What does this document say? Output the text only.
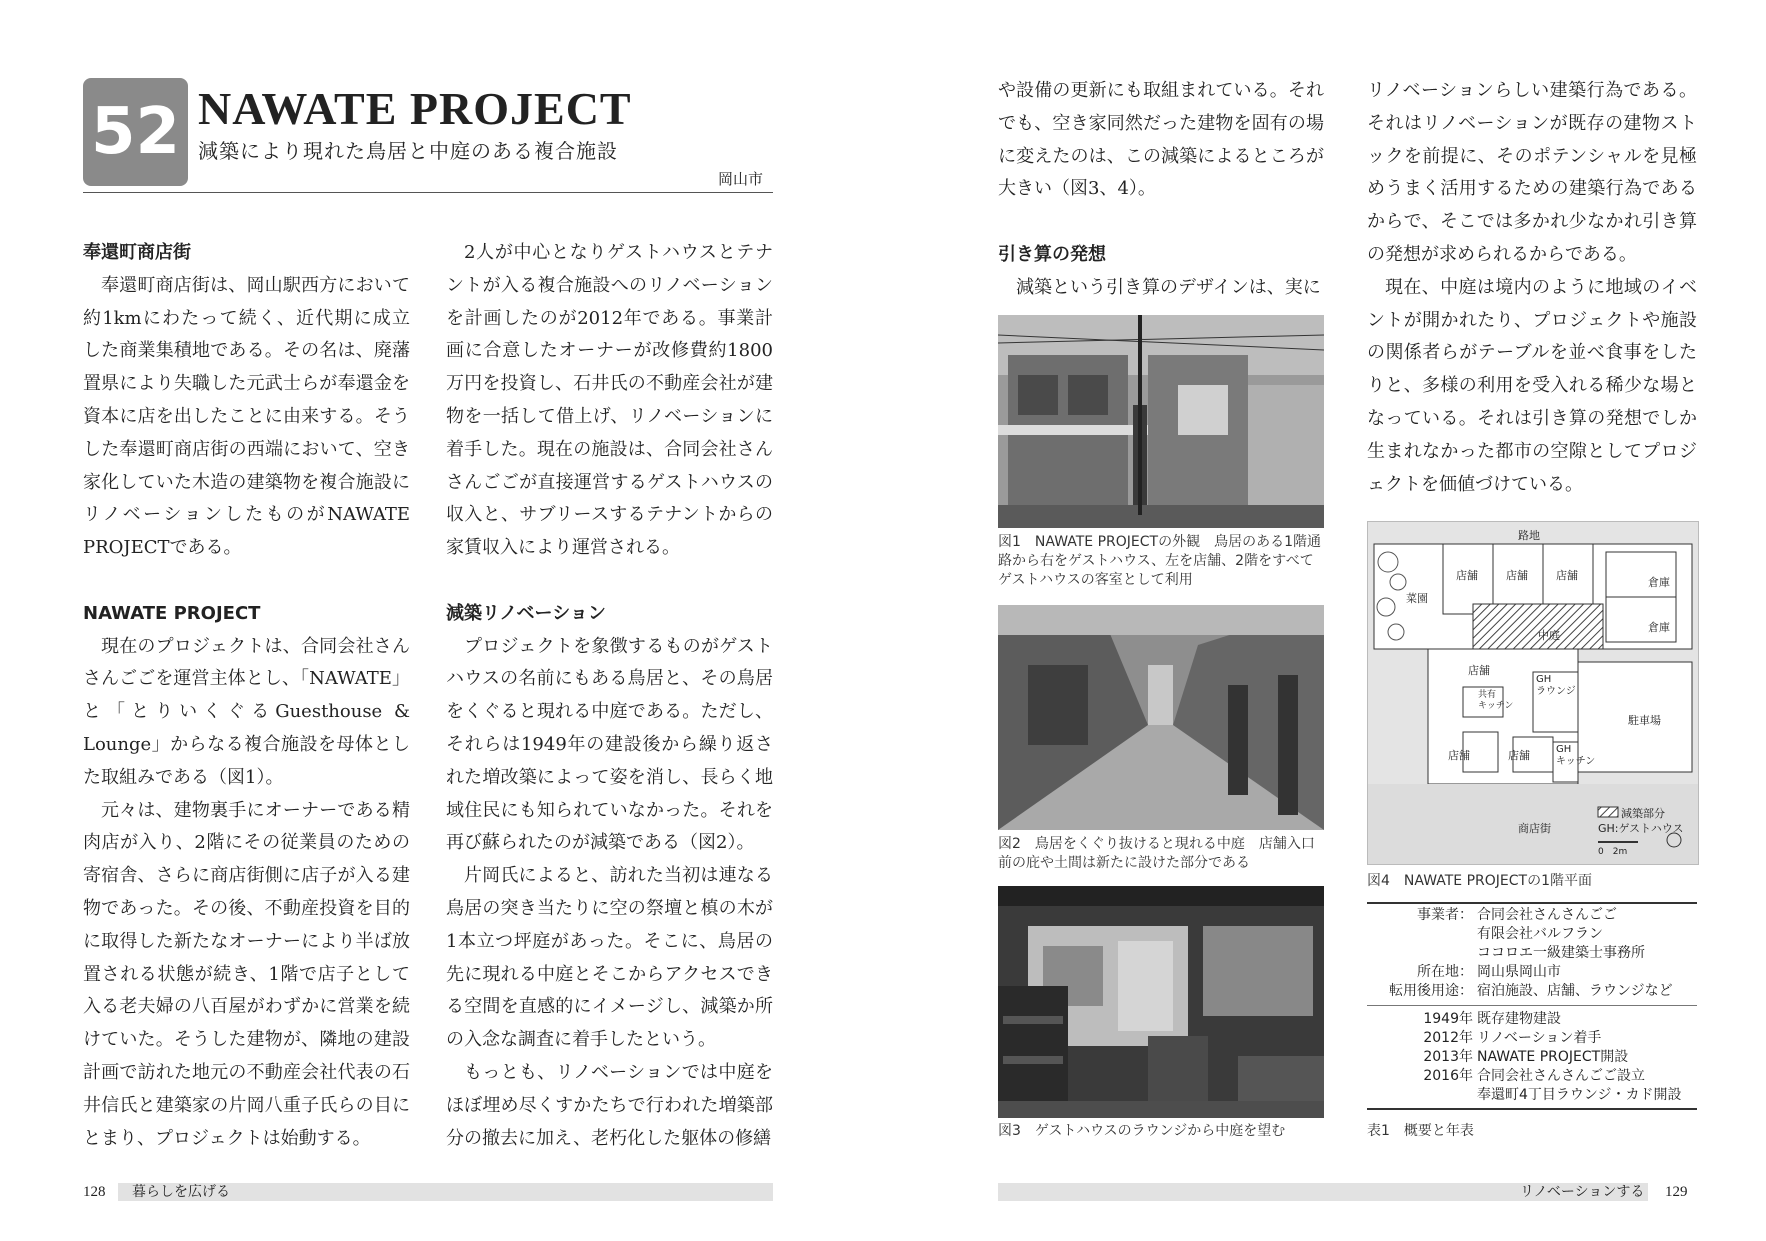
52 NAWATE PROJECT
減築により現れた鳥居と中庭のある複合施設
岡山市
奉還町商店街

奉還町商店街は、岡山駅西方において約1kmにわたって続く、近代期に成立した商業集積地である。その名は、廃藩置県により失職した元武士らが奉還金を資本に店を出したことに由来する。そうした奉還町商店街の西端において、空き家化していた木造の建築物を複合施設にリノベーションしたものがNAWATE PROJECTである。

NAWATE PROJECT

現在のプロジェクトは、合同会社さんさんごごを運営主体とし、「NAWATE」と「とりいくぐるGuesthouse & Lounge」からなる複合施設を母体とした取組みである（図1）。

元々は、建物裏手にオーナーである精肉店が入り、2階にその従業員のための寄宿舎、さらに商店街側に店子が入る建物であった。その後、不動産投資を目的に取得した新たなオーナーにより半ば放置される状態が続き、1階で店子として入る老夫婦の八百屋がわずかに営業を続けていた。そうした建物が、隣地の建設計画で訪れた地元の不動産会社代表の石井信氏と建築家の片岡八重子氏らの目にとまり、プロジェクトは始動する。

2人が中心となりゲストハウスとテナントが入る複合施設へのリノベーションを計画したのが2012年である。事業計画に合意したオーナーが改修費約1800万円を投資し、石井氏の不動産会社が建物を一括して借上げ、リノベーションに着手した。現在の施設は、合同会社さんさんごごが直接運営するゲストハウスの収入と、サブリースするテナントからの家賃収入により運営される。

減築リノベーション

プロジェクトを象徴するものがゲストハウスの名前にもある鳥居と、その鳥居をくぐると現れる中庭である。ただし、それらは1949年の建設後から繰り返された増改築によって姿を消し、長らく地域住民にも知られていなかった。それを再び蘇られたのが減築である（図2）。

片岡氏によると、訪れた当初は連なる鳥居の突き当たりに空の祭壇と槙の木が1本立つ坪庭があった。そこに、鳥居の先に現れる中庭とそこからアクセスできる空間を直感的にイメージし、減築か所の入念な調査に着手したという。

もっとも、リノベーションでは中庭をほぼ埋め尽くすかたちで行われた増築部分の撤去に加え、老朽化した躯体の修繕

や設備の更新にも取組まれている。それでも、空き家同然だった建物を固有の場に変えたのは、この減築によるところが大きい（図3、4）。

引き算の発想

減築という引き算のデザインは、実に

図1　NAWATE PROJECTの外観　鳥居のある1階通路から右をゲストハウス、左を店舗、2階をすべてゲストハウスの客室として利用
図2　鳥居をくぐり抜けると現れる中庭　店舗入口前の庇や土間は新たに設けた部分である
図3　ゲストハウスのラウンジから中庭を望む

リノベーションらしい建築行為である。それはリノベーションが既存の建物ストックを前提に、そのポテンシャルを見極めうまく活用するための建築行為であるからで、そこでは多かれ少なかれ引き算の発想が求められるからである。

現在、中庭は境内のように地域のイベントが開かれたり、プロジェクトや施設の関係者らがテーブルを並べ食事をしたりと、多様の利用を受入れる稀少な場となっている。それは引き算の発想でしか生まれなかった都市の空隙としてプロジェクトを価値づけている。

路地
菜園
店舗	店舗	店舗
倉庫
倉庫
中庭
店舗
GH
ラウンジ
共有
キッチン
駐車場
店舗	店舗	GH
キッチン
商店街
減築部分
GH:ゲストハウス
0　2m
図4　NAWATE PROJECTの1階平面
事業者： 合同会社さんさんごご
有限会社バルフラン
ココロエ一級建築士事務所
所在地： 岡山県岡山市
転用後用途： 宿泊施設、店舗、ラウンジなど
1949年 既存建物建設
2012年 リノベーション着手
2013年 NAWATE PROJECT開設
2016年 合同会社さんさんごご設立
奉還町4丁目ラウンジ・カド開設
表1　概要と年表
128 暮らしを広げる	リノベーションする 129
